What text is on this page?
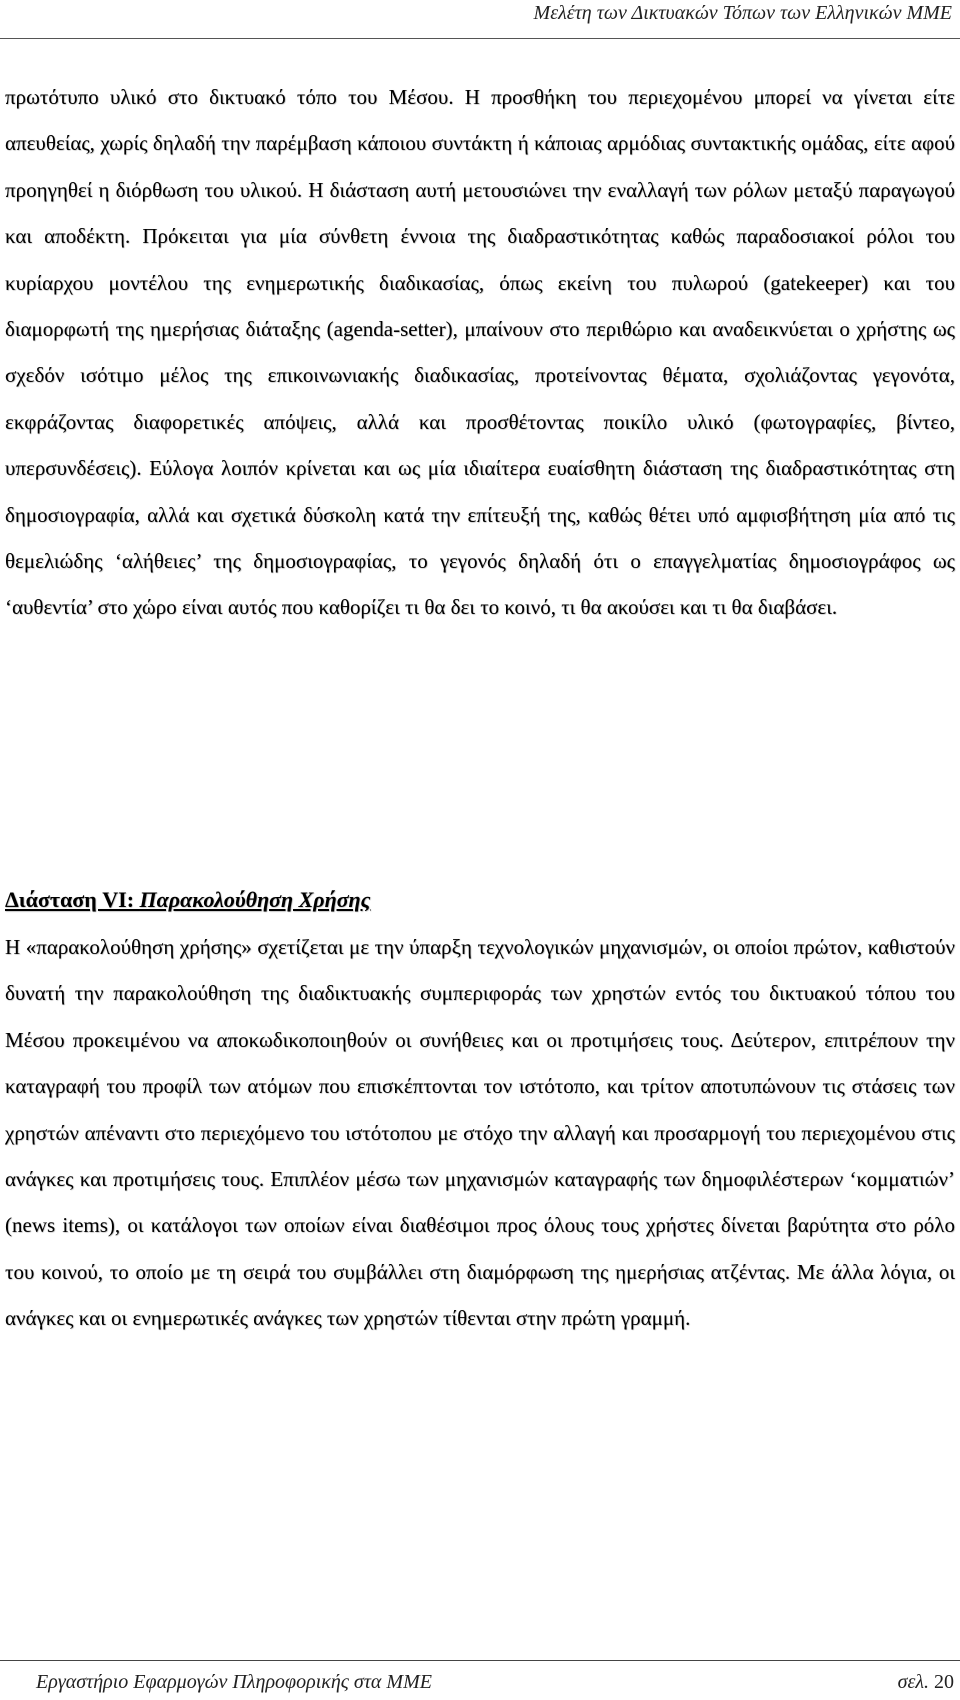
Μελέτη των Δικτυακών Τόπων των Ελληνικών ΜΜΕ

πρωτότυπο υλικό στο δικτυακό τόπο του Μέσου. Η προσθήκη του περιεχομένου μπορεί να γίνεται είτε απευθείας, χωρίς δηλαδή την παρέμβαση κάποιου συντάκτη ή κάποιας αρμόδιας συντακτικής ομάδας, είτε αφού προηγηθεί η διόρθωση του υλικού. Η διάσταση αυτή μετουσιώνει την εναλλαγή των ρόλων μεταξύ παραγωγού και αποδέκτη. Πρόκειται για μία σύνθετη έννοια της διαδραστικότητας καθώς παραδοσιακοί ρόλοι του κυρίαρχου μοντέλου της ενημερωτικής διαδικασίας, όπως εκείνη του πυλωρού (gatekeeper) και του διαμορφωτή της ημερήσιας διάταξης (agenda-setter), μπαίνουν στο περιθώριο και αναδεικνύεται ο χρήστης ως σχεδόν ισότιμο μέλος της επικοινωνιακής διαδικασίας, προτείνοντας θέματα, σχολιάζοντας γεγονότα, εκφράζοντας διαφορετικές απόψεις, αλλά και προσθέτοντας ποικίλο υλικό (φωτογραφίες, βίντεο, υπερσυνδέσεις). Εύλογα λοιπόν κρίνεται και ως μία ιδιαίτερα ευαίσθητη διάσταση της διαδραστικότητας στη δημοσιογραφία, αλλά και σχετικά δύσκολη κατά την επίτευξή της, καθώς θέτει υπό αμφισβήτηση μία από τις θεμελιώδης ‘αλήθειες’ της δημοσιογραφίας, το γεγονός δηλαδή ότι ο επαγγελματίας δημοσιογράφος ως ‘αυθεντία’ στο χώρο είναι αυτός που καθορίζει τι θα δει το κοινό, τι θα ακούσει και τι θα διαβάσει.

Διάσταση VI: Παρακολούθηση Χρήσης

Η «παρακολούθηση χρήσης» σχετίζεται με την ύπαρξη τεχνολογικών μηχανισμών, οι οποίοι πρώτον, καθιστούν δυνατή την παρακολούθηση της διαδικτυακής συμπεριφοράς των χρηστών εντός του δικτυακού τόπου του Μέσου προκειμένου να αποκωδικοποιηθούν οι συνήθειες και οι προτιμήσεις τους. Δεύτερον, επιτρέπουν την καταγραφή του προφίλ των ατόμων που επισκέπτονται τον ιστότοπο, και τρίτον αποτυπώνουν τις στάσεις των χρηστών απέναντι στο περιεχόμενο του ιστότοπου με στόχο την αλλαγή και προσαρμογή του περιεχομένου στις ανάγκες και προτιμήσεις τους. Επιπλέον μέσω των μηχανισμών καταγραφής των δημοφιλέστερων ‘κομματιών’ (news items), οι κατάλογοι των οποίων είναι διαθέσιμοι προς όλους τους χρήστες δίνεται βαρύτητα στο ρόλο του κοινού, το οποίο με τη σειρά του συμβάλλει στη διαμόρφωση της ημερήσιας ατζέντας. Με άλλα λόγια, οι ανάγκες και οι ενημερωτικές ανάγκες των χρηστών τίθενται στην πρώτη γραμμή.

Εργαστήριο Εφαρμογών Πληροφορικής στα ΜΜΕ	σελ. 20
